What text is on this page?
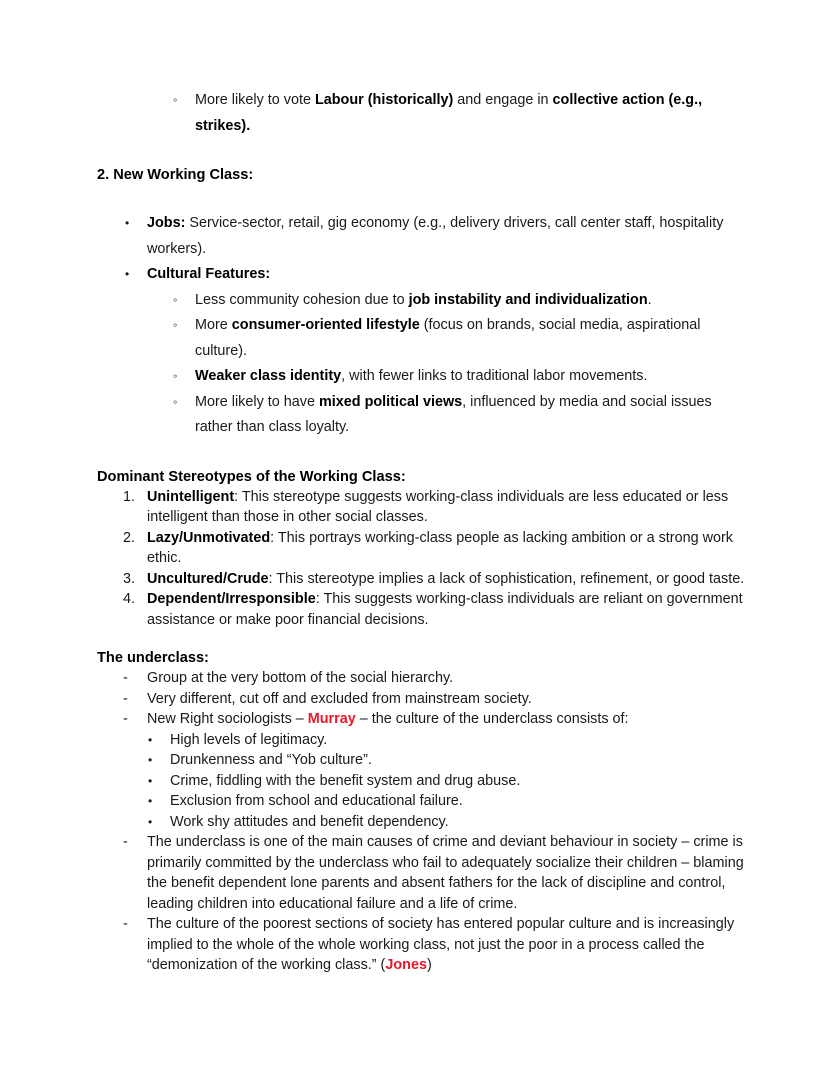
◦	More likely to vote Labour (historically) and engage in collective action (e.g., strikes).
2. New Working Class:
•	Jobs: Service-sector, retail, gig economy (e.g., delivery drivers, call center staff, hospitality workers).
•	Cultural Features:
◦	Less community cohesion due to job instability and individualization.
◦	More consumer-oriented lifestyle (focus on brands, social media, aspirational culture).
◦	Weaker class identity, with fewer links to traditional labor movements.
◦	More likely to have mixed political views, influenced by media and social issues rather than class loyalty.
Dominant Stereotypes of the Working Class:
1. Unintelligent: This stereotype suggests working-class individuals are less educated or less intelligent than those in other social classes.
2. Lazy/Unmotivated: This portrays working-class people as lacking ambition or a strong work ethic.
3. Uncultured/Crude: This stereotype implies a lack of sophistication, refinement, or good taste.
4. Dependent/Irresponsible: This suggests working-class individuals are reliant on government assistance or make poor financial decisions.
The underclass:
-	Group at the very bottom of the social hierarchy.
-	Very different, cut off and excluded from mainstream society.
-	New Right sociologists – Murray – the culture of the underclass consists of:
•	High levels of legitimacy.
•	Drunkenness and “Yob culture”.
•	Crime, fiddling with the benefit system and drug abuse.
•	Exclusion from school and educational failure.
•	Work shy attitudes and benefit dependency.
-	The underclass is one of the main causes of crime and deviant behaviour in society – crime is primarily committed by the underclass who fail to adequately socialize their children – blaming the benefit dependent lone parents and absent fathers for the lack of discipline and control, leading children into educational failure and a life of crime.
-	The culture of the poorest sections of society has entered popular culture and is increasingly implied to the whole of the whole working class, not just the poor in a process called the “demonization of the working class.” (Jones)
